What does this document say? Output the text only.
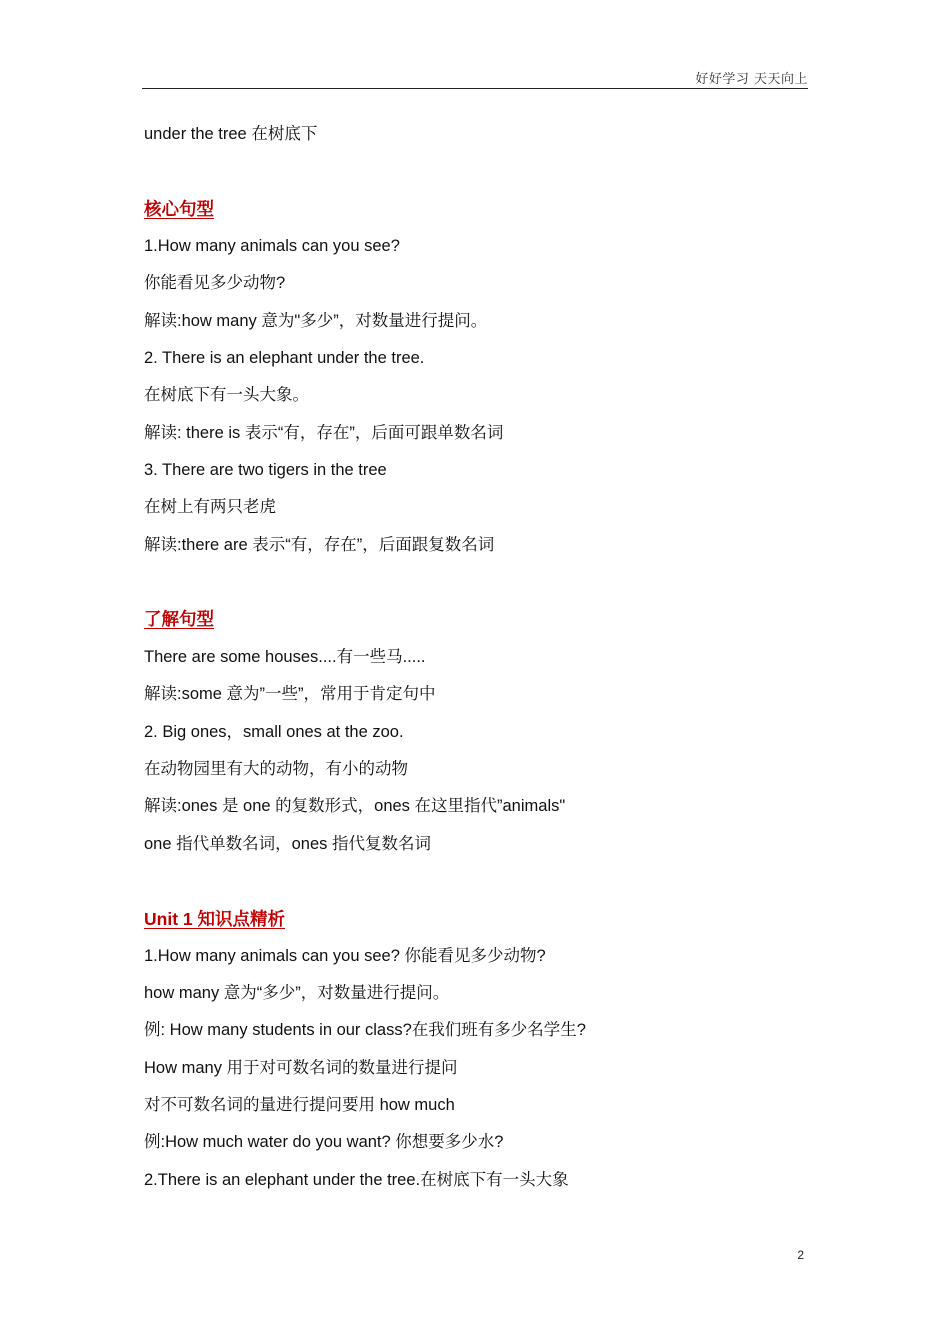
好好学习 天天向上
under the tree 在树底下
核心句型
1.How many animals can you see?
你能看见多少动物?
解读:how many 意为"多少”，对数量进行提问。
2. There is an elephant under the tree.
在树底下有一头大象。
解读: there is 表示“有，存在”，后面可跟单数名词
3. There are two tigers in the tree
在树上有两只老虎
解读:there are 表示“有，存在”，后面跟复数名词
了解句型
There are some houses....有一些马.....
解读:some 意为”一些”，常用于肯定句中
2. Big ones，small ones at the zoo.
在动物园里有大的动物，有小的动物
解读:ones 是 one 的复数形式，ones 在这里指代”animals"
one 指代单数名词，ones 指代复数名词
Unit 1 知识点精析
1.How many animals can you see? 你能看见多少动物?
how many 意为“多少”，对数量进行提问。
例: How many students in our class?在我们班有多少名学生?
How many 用于对可数名词的数量进行提问
对不可数名词的量进行提问要用 how much
例:How much water do you want? 你想要多少水?
2.There is an elephant under the tree.在树底下有一头大象
2
